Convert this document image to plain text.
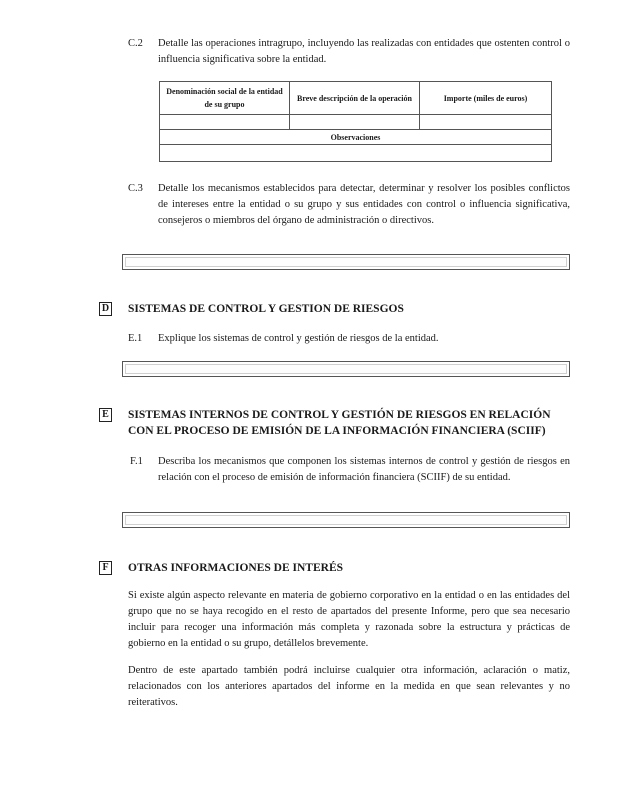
C.2	Detalle las operaciones intragrupo, incluyendo las realizadas con entidades que ostenten control o influencia significativa sobre la entidad.
Denominación social de la entidad de su grupo	Breve descripción de la operación	Importe (miles de euros)

Observaciones		

C.3	Detalle los mecanismos establecidos para detectar, determinar y resolver los posibles conflictos de intereses entre la entidad o su grupo y sus entidades con control o influencia significativa, consejeros o miembros del órgano de administración o directivos.
D SISTEMAS DE CONTROL Y GESTION DE RIESGOS
E.1	Explique los sistemas de control y gestión de riesgos de la entidad.
E SISTEMAS INTERNOS DE CONTROL Y GESTIÓN DE RIESGOS EN RELACIÓN CON EL PROCESO DE EMISIÓN DE LA INFORMACIÓN FINANCIERA (SCIIF)
F.1	Describa los mecanismos que componen los sistemas internos de control y gestión de riesgos en relación con el proceso de emisión de información financiera (SCIIF) de su entidad.
F	OTRAS INFORMACIONES DE INTERÉS
Si existe algún aspecto relevante en materia de gobierno corporativo en la entidad o en las entidades del grupo que no se haya recogido en el resto de apartados del presente Informe, pero que sea necesario incluir para recoger una información más completa y razonada sobre la estructura y prácticas de gobierno en la entidad o su grupo, detállelos brevemente.
Dentro de este apartado también podrá incluirse cualquier otra información, aclaración o matiz, relacionados con los anteriores apartados del informe en la medida en que sean relevantes y no reiterativos.
